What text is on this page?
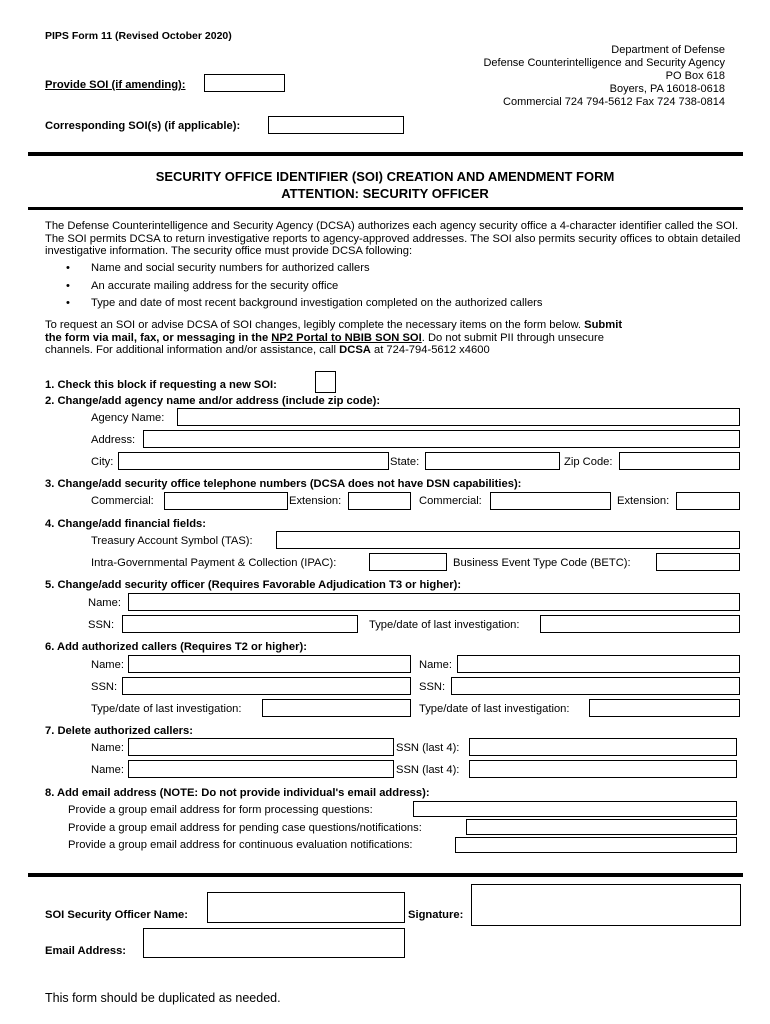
PIPS Form 11 (Revised October 2020)
Department of Defense
Defense Counterintelligence and Security Agency
PO Box 618
Boyers, PA 16018-0618
Commercial 724 794-5612 Fax 724 738-0814
Provide SOI (if amending):
Corresponding SOI(s) (if applicable):
SECURITY OFFICE IDENTIFIER (SOI) CREATION AND AMENDMENT FORM
ATTENTION: SECURITY OFFICER
The Defense Counterintelligence and Security Agency (DCSA) authorizes each agency security office a 4-character identifier called the SOI. The SOI permits DCSA to return investigative reports to agency-approved addresses. The SOI also permits security offices to obtain detailed investigative information. The security office must provide DCSA following:
• Name and social security numbers for authorized callers
• An accurate mailing address for the security office
• Type and date of most recent background investigation completed on the authorized callers
To request an SOI or advise DCSA of SOI changes, legibly complete the necessary items on the form below. Submit the form via mail, fax, or messaging in the NP2 Portal to NBIB SON SOI. Do not submit PII through unsecure channels. For additional information and/or assistance, call DCSA at 724-794-5612 x4600
1. Check this block if requesting a new SOI:
2. Change/add agency name and/or address (include zip code):
Agency Name:
Address:
City:	State:	Zip Code:
3. Change/add security office telephone numbers (DCSA does not have DSN capabilities):
Commercial:	Extension:	Commercial:	Extension:
4. Change/add financial fields:
Treasury Account Symbol (TAS):
Intra-Governmental Payment & Collection (IPAC):	Business Event Type Code (BETC):
5. Change/add security officer (Requires Favorable Adjudication T3 or higher):
Name:
SSN:	Type/date of last investigation:
6. Add authorized callers (Requires T2 or higher):
Name:	Name:
SSN:	SSN:
Type/date of last investigation:	Type/date of last investigation:
7. Delete authorized callers:
Name:	SSN (last 4):
Name:	SSN (last 4):
8. Add email address (NOTE: Do not provide individual's email address):
Provide a group email address for form processing questions:
Provide a group email address for pending case questions/notifications:
Provide a group email address for continuous evaluation notifications:
SOI Security Officer Name:	Signature:
Email Address:
This form should be duplicated as needed.
